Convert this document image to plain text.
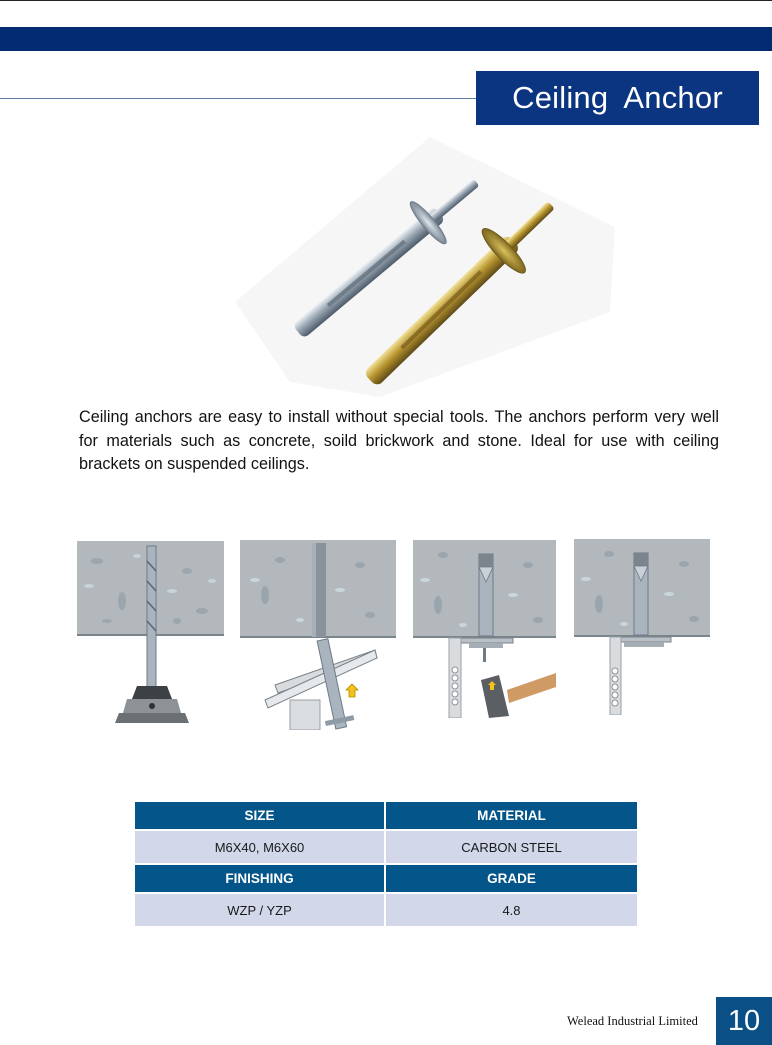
Ceiling Anchor

Ceiling anchors are easy to install without special tools. The anchors perform very well for materials such as concrete, soild brickwork and stone. Ideal for use with ceiling brackets on suspended ceilings.

SIZE	MATERIAL
M6X40, M6X60	CARBON STEEL
FINISHING	GRADE
WZP / YZP	4.8
Welead Industrial Limited	10
